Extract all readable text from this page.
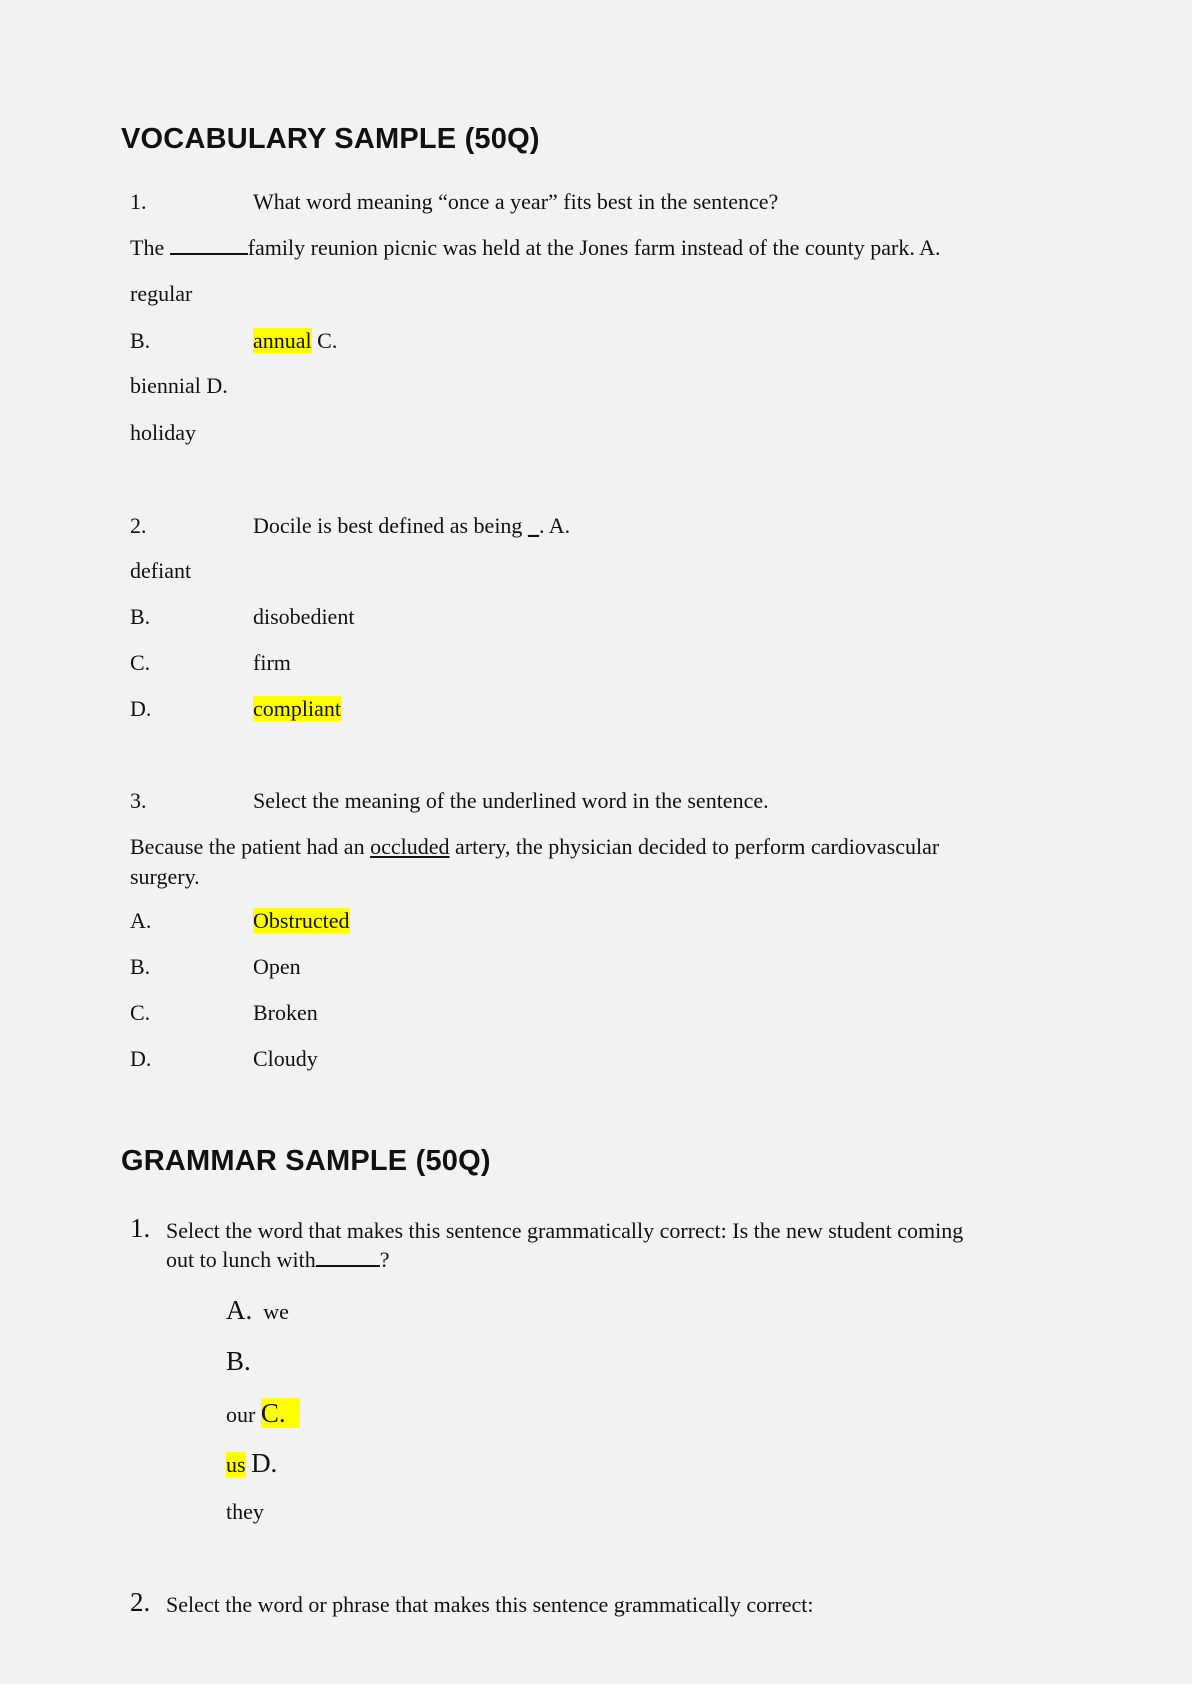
VOCABULARY SAMPLE (50Q)
1.	What word meaning “once a year” fits best in the sentence?
The	family reunion picnic was held at the Jones farm instead of the county park. A.
regular
B.	annual C.
biennial D.
holiday
2.	Docile is best defined as being _. A.
defiant
B.	disobedient
C.	firm
D.	compliant
3.	Select the meaning of the underlined word in the sentence.
Because the patient had an occluded artery, the physician decided to perform cardiovascular
surgery.
A.	Obstructed
B.	Open
C.	Broken
D.	Cloudy
GRAMMAR SAMPLE (50Q)
1. Select the word that makes this sentence grammatically correct: Is the new student coming
out to lunch with	?
A. we
B.
our C.
us D.
they
2. Select the word or phrase that makes this sentence grammatically correct:
